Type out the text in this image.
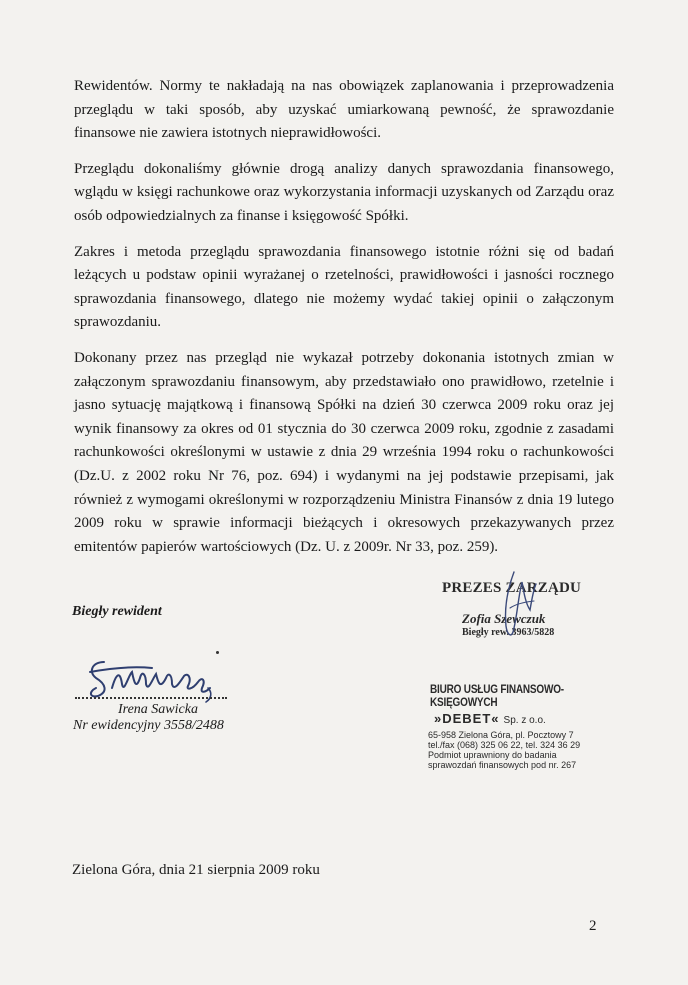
Rewidentów. Normy te nakładają na nas obowiązek zaplanowania i przeprowadzenia przeglądu w taki sposób, aby uzyskać umiarkowaną pewność, że sprawozdanie finansowe nie zawiera istotnych nieprawidłowości.

Przeglądu dokonaliśmy głównie drogą analizy danych sprawozdania finansowego, wglądu w księgi rachunkowe oraz wykorzystania informacji uzyskanych od Zarządu oraz osób odpowiedzialnych za finanse i księgowość Spółki.

Zakres i metoda przeglądu sprawozdania finansowego istotnie różni się od badań leżących u podstaw opinii wyrażanej o rzetelności, prawidłowości i jasności rocznego sprawozdania finansowego, dlatego nie możemy wydać takiej opinii o załączonym sprawozdaniu.

Dokonany przez nas przegląd nie wykazał potrzeby dokonania istotnych zmian w załączonym sprawozdaniu finansowym, aby przedstawiało ono prawidłowo, rzetelnie i jasno sytuację majątkową i finansową Spółki na dzień 30 czerwca 2009 roku oraz jej wynik finansowy za okres od 01 stycznia do 30 czerwca 2009 roku, zgodnie z zasadami rachunkowości określonymi w ustawie z dnia 29 września 1994 roku o rachunkowości (Dz.U. z 2002 roku Nr 76, poz. 694) i wydanymi na jej podstawie przepisami, jak również z wymogami określonymi w rozporządzeniu Ministra Finansów z dnia 19 lutego 2009 roku w sprawie informacji bieżących i okresowych przekazywanych przez emitentów papierów wartościowych (Dz. U. z 2009r. Nr 33, poz. 259).

PREZES ZARZĄDU
Zofia Szewczuk
Biegły rew. 3963/5828
Biegły rewident
Irena Sawicka
Nr ewidencyjny 3558/2488
BIURO USŁUG FINANSOWO-KSIĘGOWYCH
»DEBET« Sp. z o.o.
65-958 Zielona Góra, pl. Pocztowy 7
tel./fax (068) 325 06 22, tel. 324 36 29
Podmiot uprawniony do badania
sprawozdań finansowych pod nr. 267
Zielona Góra, dnia 21 sierpnia 2009 roku
2
